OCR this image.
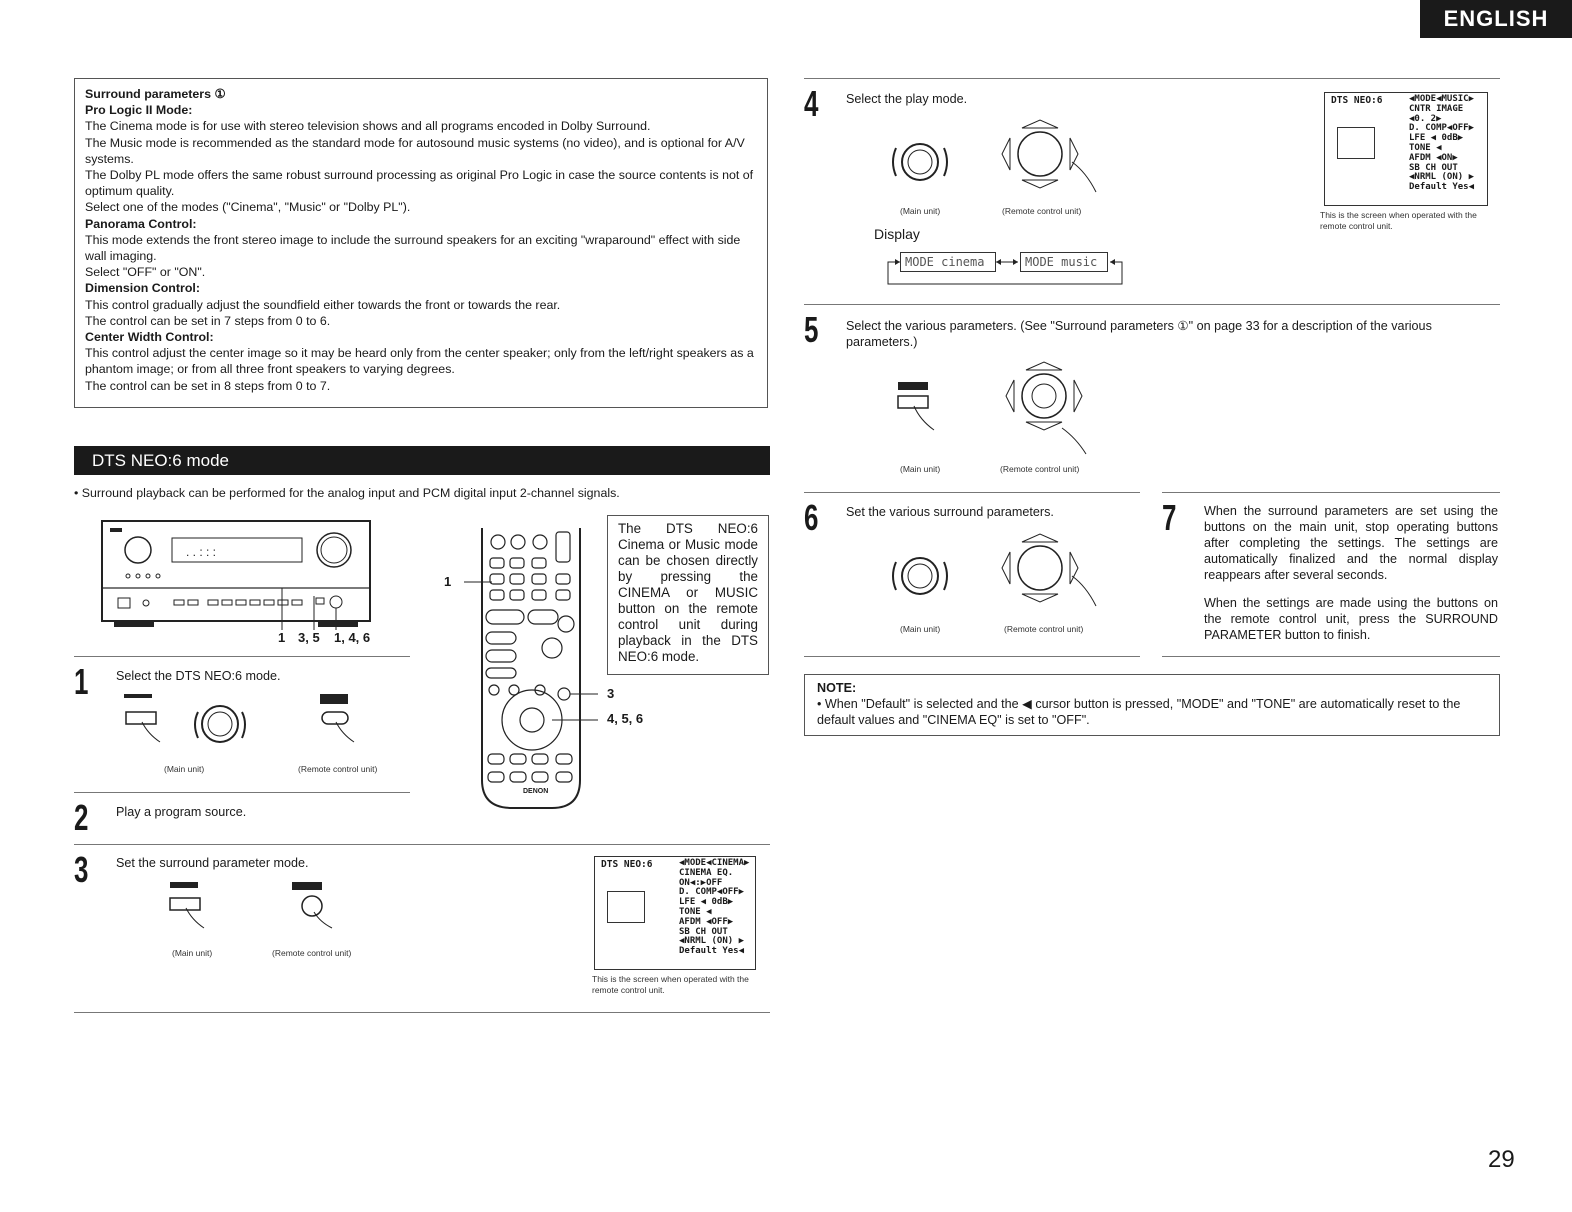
ENGLISH
Surround parameters ①
Pro Logic II Mode:
The Cinema mode is for use with stereo television shows and all programs encoded in Dolby Surround.
The Music mode is recommended as the standard mode for autosound music systems (no video), and is optional for A/V systems.
The Dolby PL mode offers the same robust surround processing as original Pro Logic in case the source contents is not of optimum quality.
Select one of the modes ("Cinema", "Music" or "Dolby PL").
Panorama Control:
This mode extends the front stereo image to include the surround speakers for an exciting "wraparound" effect with side wall imaging.
Select "OFF" or "ON".
Dimension Control:
This control gradually adjust the soundfield either towards the front or towards the rear.
The control can be set in 7 steps from 0 to 6.
Center Width Control:
This control adjust the center image so it may be heard only from the center speaker; only from the left/right speakers as a phantom image; or from all three front speakers to varying degrees.
The control can be set in 8 steps from 0 to 7.
DTS NEO:6 mode
• Surround playback can be performed for the analog input and PCM digital input 2-channel signals.
. . : : :
1 3, 5 1, 4, 6
1
3
4, 5, 6
DENON
The DTS NEO:6 Cinema or Music mode can be chosen directly by pressing the CINEMA or MUSIC button on the remote control unit during playback in the DTS NEO:6 mode.
1 Select the DTS NEO:6 mode.
(Main unit)	(Remote control unit)
2 Play a program source.
3 Set the surround parameter mode.
(Main unit)	(Remote control unit)
DTS NEO:6	◀MODE◀CINEMA▶
CINEMA EQ.
ON◀:▶OFF
D. COMP◀OFF▶
LFE ◀ 0dB▶
TONE ◀
AFDM ◀OFF▶
SB CH OUT
◀NRML (ON) ▶
Default Yes◀
This is the screen when operated with the remote control unit.
4 Select the play mode.
(Main unit)	(Remote control unit)
Display
MODE cinema	MODE music
DTS NEO:6	◀MODE◀MUSIC▶
CNTR IMAGE
◀0. 2▶
D. COMP◀OFF▶
LFE ◀ 0dB▶
TONE ◀
AFDM ◀ON▶
SB CH OUT
◀NRML (ON) ▶
Default Yes◀
This is the screen when operated with the remote control unit.
5 Select the various parameters. (See "Surround parameters ①" on page 33 for a description of the various parameters.)
(Main unit)	(Remote control unit)
6 Set the various surround parameters.
(Main unit)	(Remote control unit)
7 When the surround parameters are set using the buttons on the main unit, stop operating buttons after completing the settings. The settings are automatically finalized and the normal display reappears after several seconds.
When the settings are made using the buttons on the remote control unit, press the SURROUND PARAMETER button to finish.
NOTE:
• When "Default" is selected and the ◀ cursor button is pressed, "MODE" and "TONE" are automatically reset to the default values and "CINEMA EQ" is set to "OFF".
29
